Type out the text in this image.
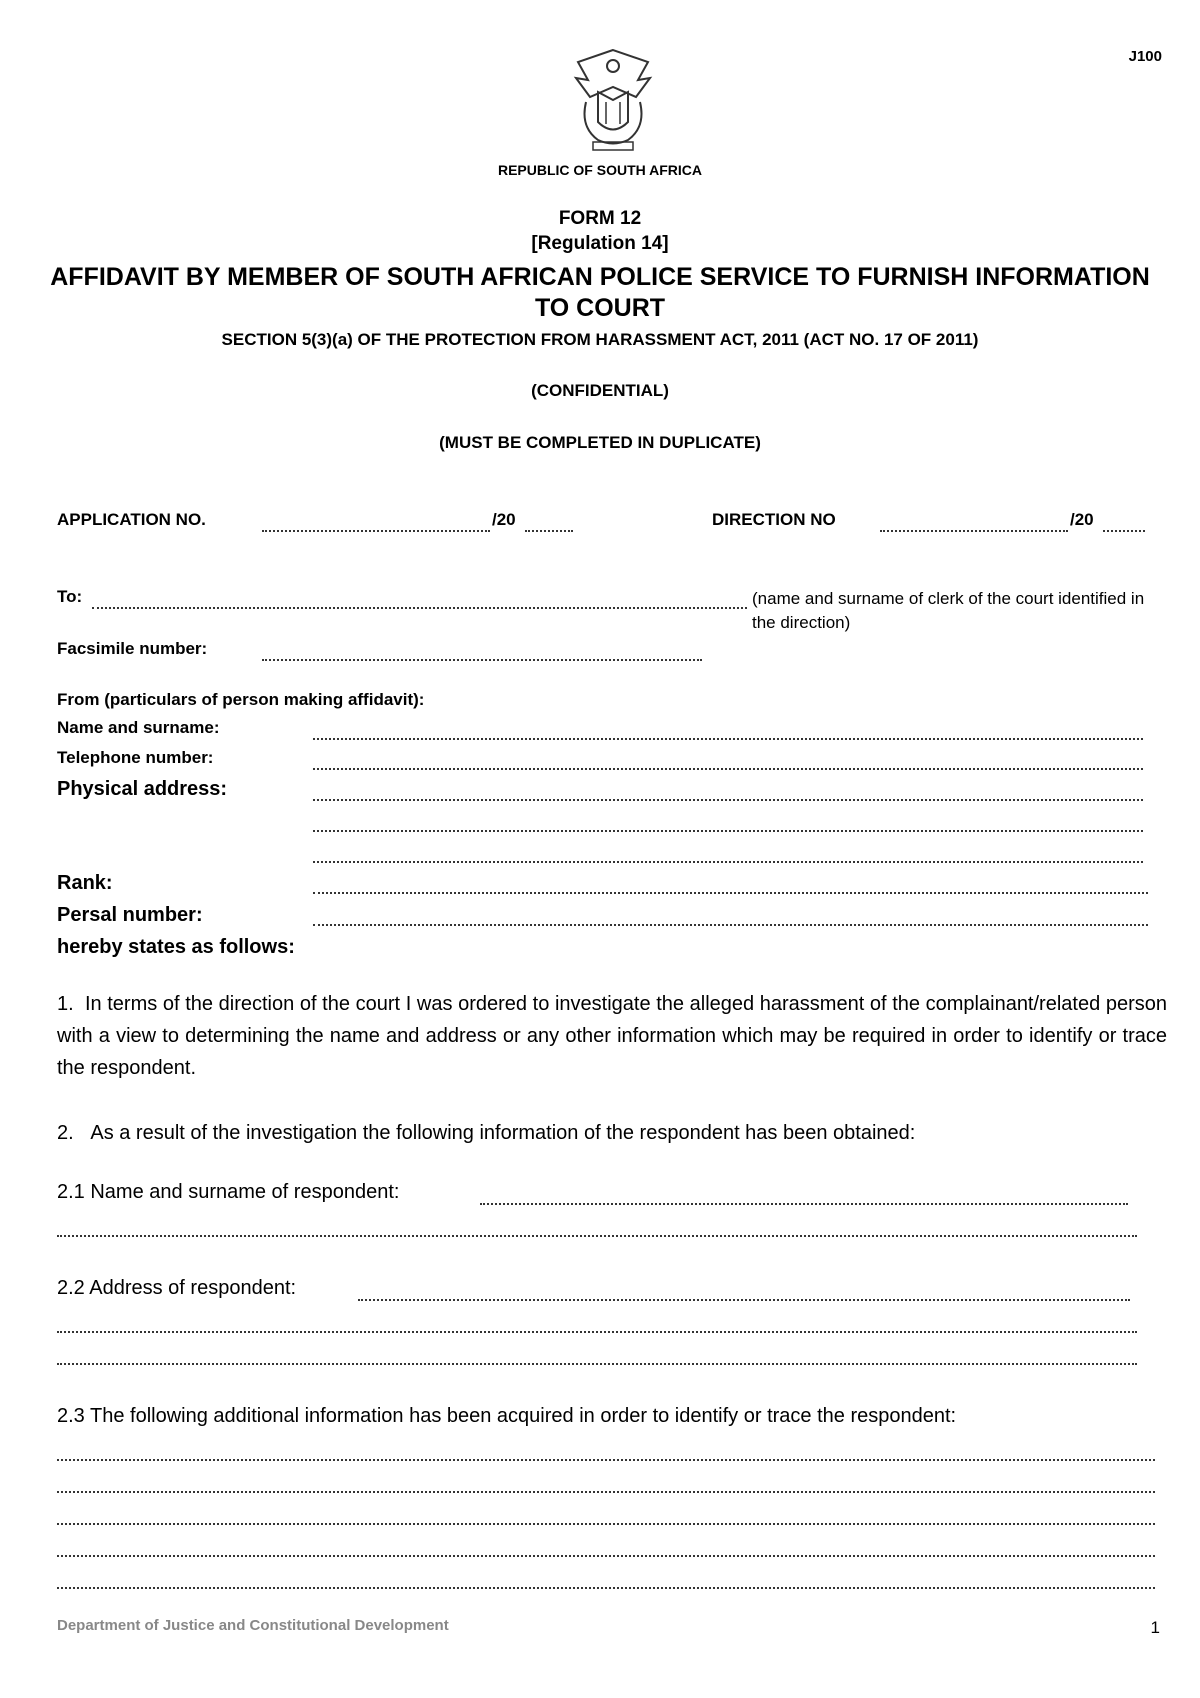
J100
REPUBLIC OF SOUTH AFRICA
FORM 12
[Regulation 14]
AFFIDAVIT BY MEMBER OF SOUTH AFRICAN POLICE SERVICE TO FURNISH INFORMATION TO COURT
SECTION 5(3)(a) OF THE PROTECTION FROM HARASSMENT ACT, 2011 (ACT NO. 17 OF 2011)
(CONFIDENTIAL)
(MUST BE COMPLETED IN DUPLICATE)
APPLICATION NO.	/20	DIRECTION NO	/20
To:	(name and surname of clerk of the court identified in the direction)
Facsimile number:
From (particulars of person making affidavit):
Name and surname:
Telephone number:
Physical address:
Rank:
Persal number:
hereby states as follows:
1.  In terms of the direction of the court I was ordered to investigate the alleged harassment of the complainant/related person with a view to determining the name and address or any other information which may be required in order to identify or trace the respondent.
2.   As a result of the investigation the following information of the respondent has been obtained:
2.1 Name and surname of respondent:
2.2 Address of respondent:
2.3 The following additional information has been acquired in order to identify or trace the respondent:
Department of Justice and Constitutional Development	1
